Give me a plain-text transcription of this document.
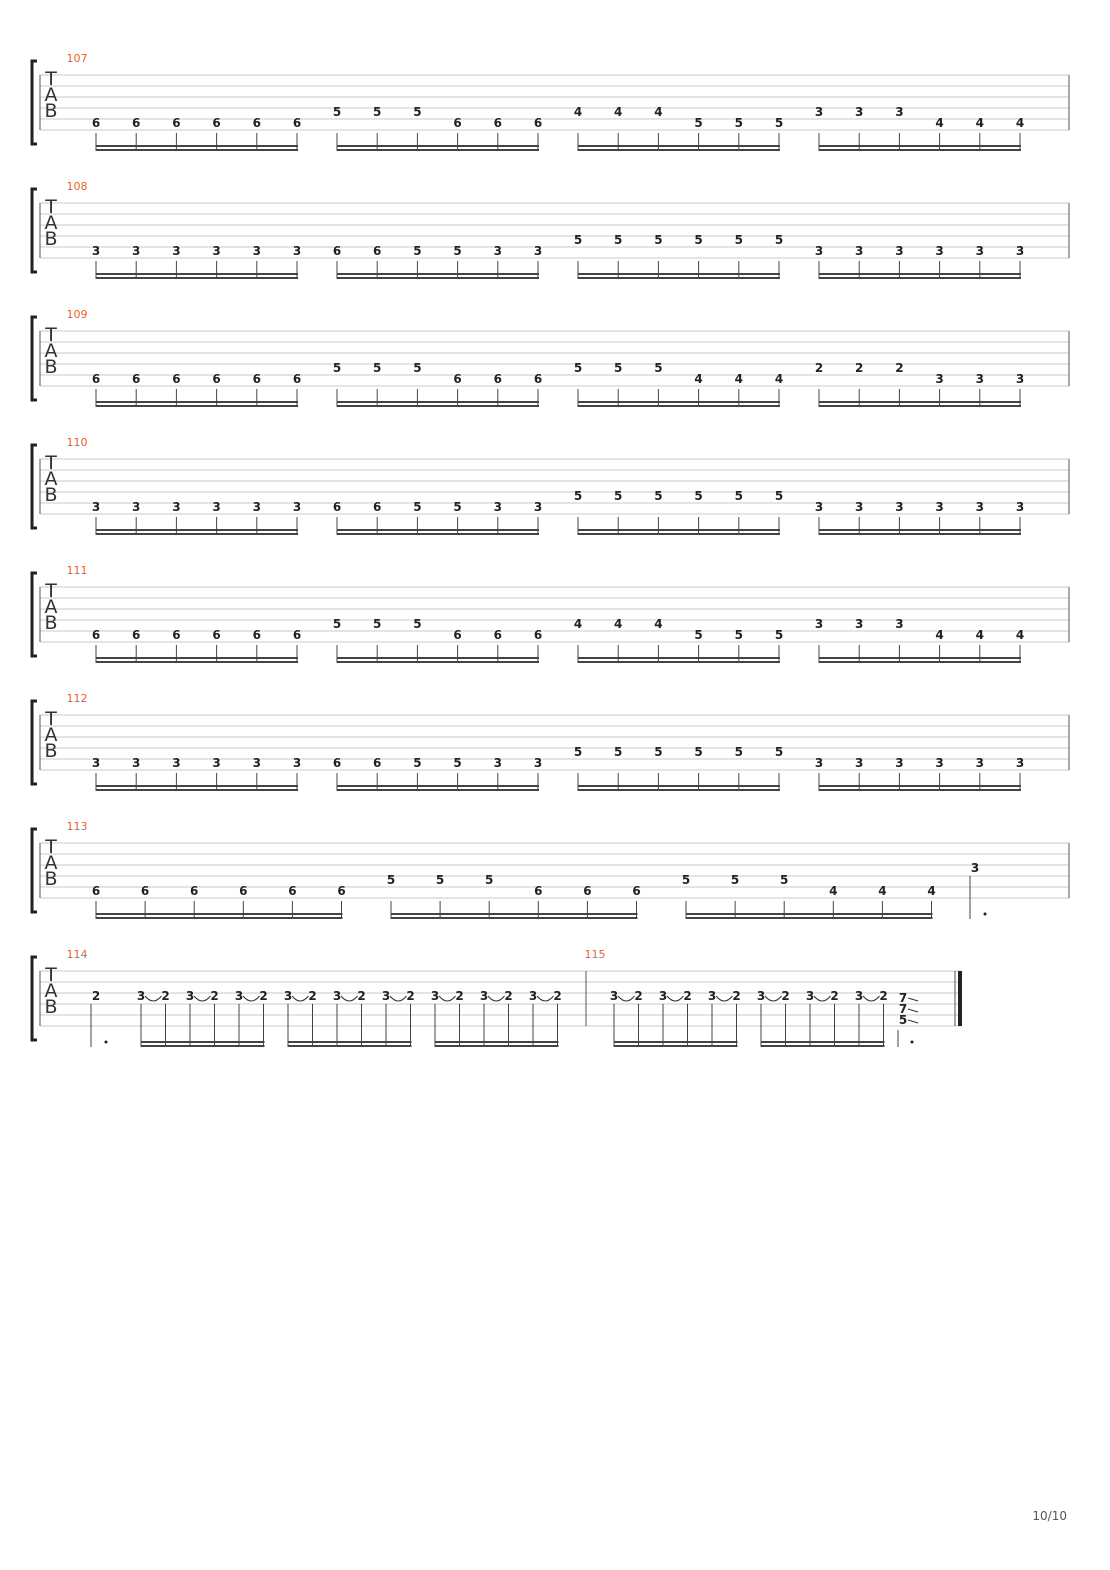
T
A
B
107
6	6	6	6	6	6
5	5	5
6	6	6
4	4	4
5	5	5
3	3	3
4	4	4
T
A
B
108
3	3	3	3	3	3	6	6	5	5	3	3
5	5	5	5	5	5
3	3	3	3	3	3
T
A
B
109
6	6	6	6	6	6
5	5	5
6	6	6
5	5	5
4	4	4
2	2	2
3	3	3
T
A
B
110
3	3	3	3	3	3	6	6	5	5	3	3
5	5	5	5	5	5
3	3	3	3	3	3
T
A
B
111
6	6	6	6	6	6
5	5	5
6	6	6
4	4	4
5	5	5
3	3	3
4	4	4
T
A
B
112
3	3	3	3	3	3	6	6	5	5	3	3
5	5	5	5	5	5
3	3	3	3	3	3
T
A
B
113
6	6	6	6	6	6
5	5	5
6	6	6
5	5	5
4	4	4
3
T
A
B
114	115
2	3 2 3 2 3 2 3 2 3 2 3 2 3 2 3 2 3 2	3 2 3 2 3 2 3 2 3 2 3 2 7
7
5
10/10
